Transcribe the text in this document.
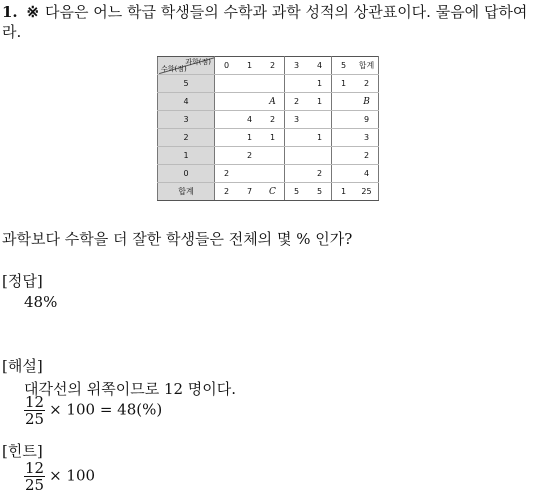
1. ※ 다음은 어느 학급 학생들의 수학과 과학 성적의 상관표이다. 물음에 답하여라.
과학(점)
수학(점)	0	1	2	3	4	5	합계
5					1	1	2
4			A	2	1		B
3		4	2	3			9
2		1	1		1		3
1		2					2
0	2				2		4
합계	2	7	C	5	5	1	25
과학보다 수학을 더 잘한 학생들은 전체의 몇 % 인가?
[정답]
48%
[해설]
대각선의 위쪽이므로 12 명이다.
$\frac{12}{25} \times 100 = 48(\%)$
[힌트]
$\frac{12}{25} \times 100$
